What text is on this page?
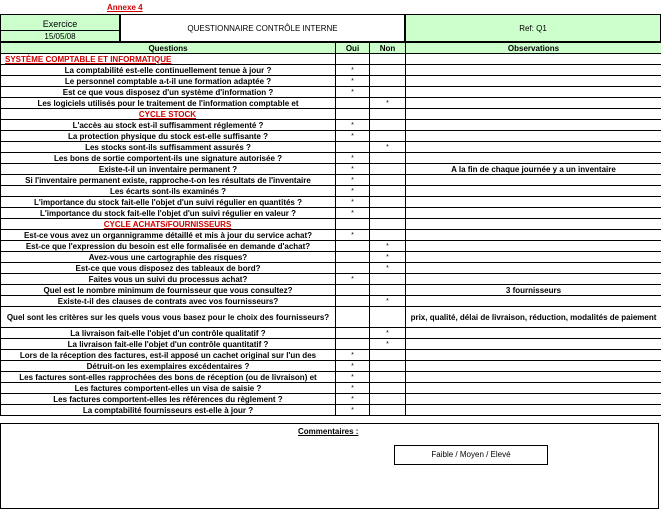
Annexe 4
Exercice
15/05/08
QUESTIONNAIRE CONTRÔLE INTERNE	Ref: Q1
Questions	Oui	Non	Observations
SYSTÈME COMPTABLE ET INFORMATIQUE			
La comptabilité est-elle continuellement tenue à jour ?	*		
Le personnel comptable a-t-il une formation adaptée ?	*		
Est ce que vous disposez d'un système d'information ?	*		
Les logiciels utilisés pour le traitement de l'information comptable et		*	
CYCLE STOCK			
L'accès au stock est-il suffisamment réglementé ?	*		
La protection physique du stock est-elle suffisante ?	*		
Les stocks sont-ils suffisamment assurés ?		*	
Les bons de sortie comportent-ils une signature autorisée ?	*		
Existe-t-il un inventaire permanent ?	*		A la fin de chaque journée y a un inventaire
Si l'inventaire permanent existe, rapproche-t-on les résultats de l'inventaire	*		
Les écarts sont-ils examinés ?	*		
L'importance du stock fait-elle l'objet d'un suivi régulier en quantités ?	*		
L'importance du stock fait-elle l'objet d'un suivi régulier en valeur ?	*		
CYCLE ACHATS/FOURNISSEURS			
Est-ce vous avez un organnigramme détaillé et mis à jour du service achat?	*		
Est-ce que l'expression du besoin est elle formalisée en demande d'achat?		*	
Avez-vous une cartographie des risques?		*	
Est-ce que vous disposez des tableaux de bord?		*	
Faites vous un suivi du processus achat?	*		
Quel est le nombre minimum de fournisseur que vous consultez?			3 fournisseurs
Existe-t-il des clauses de contrats avec vos fournisseurs?		*	
Quel sont les critères sur les quels vous vous basez pour le choix des fournisseurs?			prix, qualité, délai de livraison, réduction, modalités de paiement
La livraison fait-elle l'objet d'un contrôle qualitatif ?		*	
La livraison fait-elle l'objet d'un contrôle quantitatif ?		*	
Lors de la réception des factures, est-il apposé un cachet original sur l'un des	*		
Détruit-on les exemplaires excédentaires ?	*		
Les factures sont-elles rapprochées des bons de réception (ou de livraison) et	*		
Les factures comportent-elles un visa de saisie ?	*		
Les factures comportent-elles les références du règlement ?	*		
La comptabilité fournisseurs est-elle à jour ?	*		
Commentaires :
Faible / Moyen / Elevé
